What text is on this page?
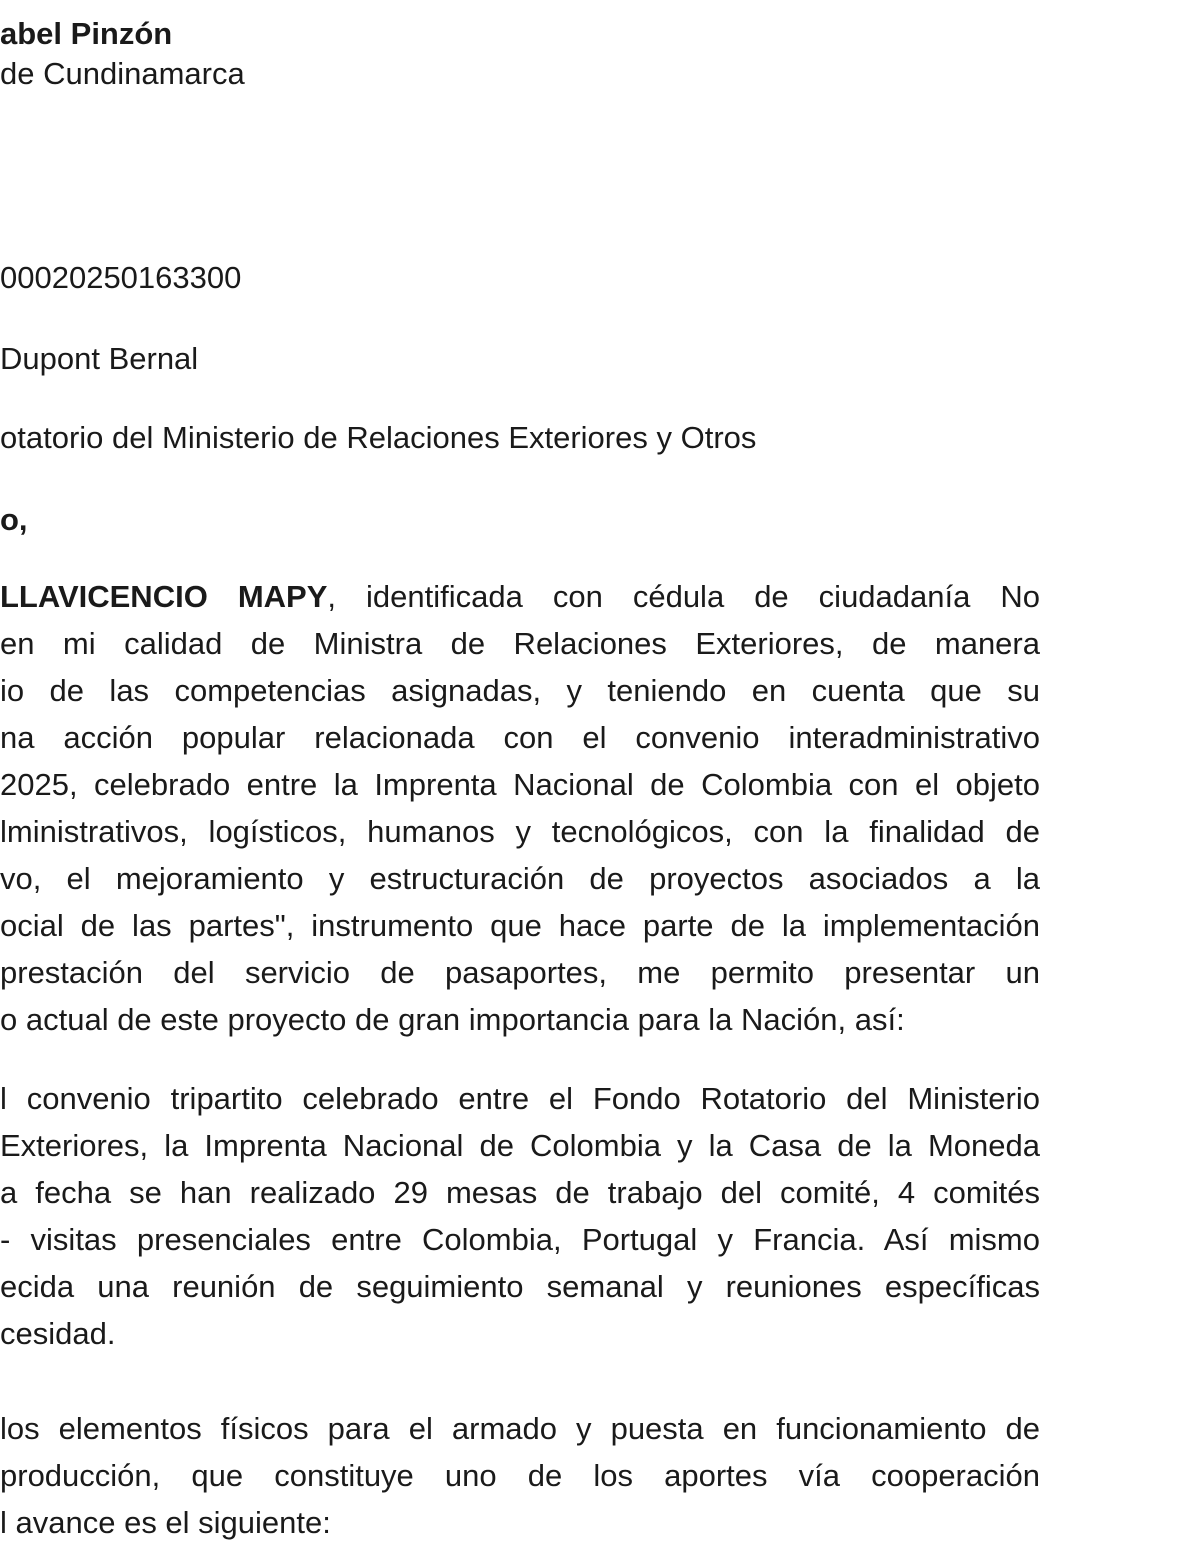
abel Pinzón
de Cundinamarca
00020250163300
Dupont Bernal
otatorio del Ministerio de Relaciones Exteriores y Otros
o,
LLAVICENCIO MAPY, identificada con cédula de ciudadanía No
en mi calidad de Ministra de Relaciones Exteriores, de manera
io de las competencias asignadas, y teniendo en cuenta que su
na acción popular relacionada con el convenio interadministrativo
2025, celebrado entre la Imprenta Nacional de Colombia con el objeto
lministrativos, logísticos, humanos y tecnológicos, con la finalidad de
vo, el mejoramiento y estructuración de proyectos asociados a la
ocial de las partes", instrumento que hace parte de la implementación
prestación del servicio de pasaportes, me permito presentar un
o actual de este proyecto de gran importancia para la Nación, así:
l convenio tripartito celebrado entre el Fondo Rotatorio del Ministerio
Exteriores, la Imprenta Nacional de Colombia y la Casa de la Moneda
a fecha se han realizado 29 mesas de trabajo del comité, 4 comités
- visitas presenciales entre Colombia, Portugal y Francia. Así mismo
ecida una reunión de seguimiento semanal y reuniones específicas
cesidad.
los elementos físicos para el armado y puesta en funcionamiento de
producción, que constituye uno de los aportes vía cooperación
l avance es el siguiente:
